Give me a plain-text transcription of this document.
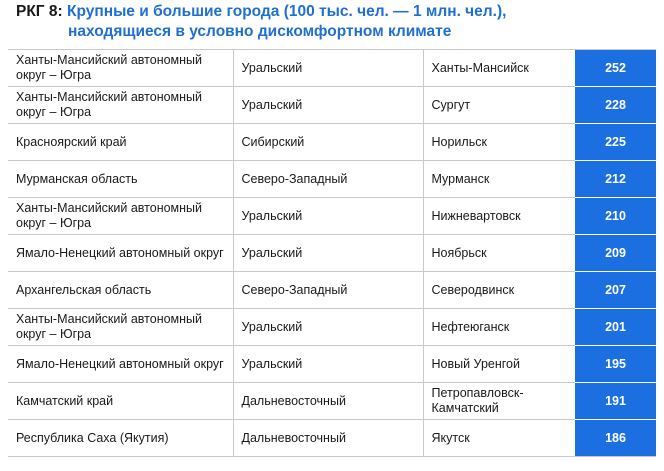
РКГ 8: Крупные и большие города (100 тыс. чел. — 1 млн. чел.),
находящиеся в условно дискомфортном климате
Ханты-Мансийский автономный округ – Югра	Уральский	Ханты-Мансийск	252
Ханты-Мансийский автономный округ – Югра	Уральский	Сургут	228
Красноярский край	Сибирский	Норильск	225
Мурманская область	Северо-Западный	Мурманск	212
Ханты-Мансийский автономный округ – Югра	Уральский	Нижневартовск	210
Ямало-Ненецкий автономный округ	Уральский	Ноябрьск	209
Архангельская область	Северо-Западный	Северодвинск	207
Ханты-Мансийский автономный округ – Югра	Уральский	Нефтеюганск	201
Ямало-Ненецкий автономный округ	Уральский	Новый Уренгой	195
Камчатский край	Дальневосточный	Петропавловск-Камчатский	191
Республика Саха (Якутия)	Дальневосточный	Якутск	186
